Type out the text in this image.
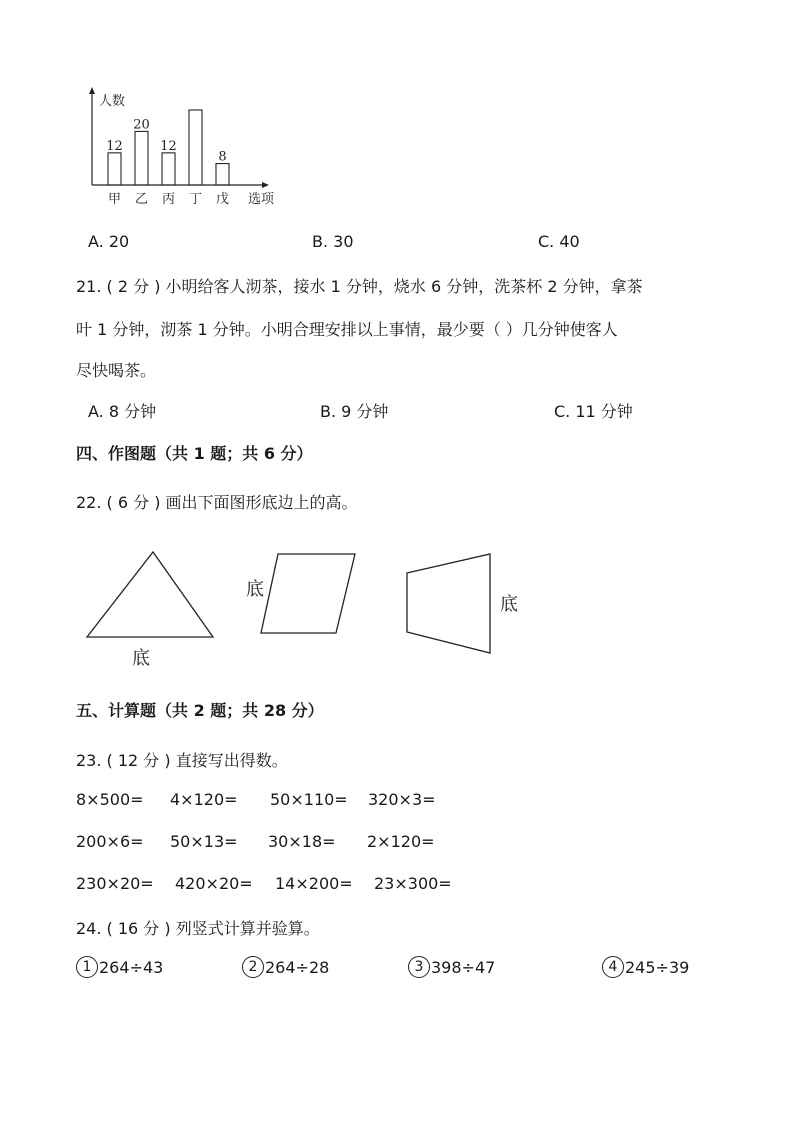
人数
选项
12
甲
20
乙
12
丙 丁
8
戊
A. 20	B. 30	C. 40
21. ( 2 分 ) 小明给客人沏茶，接水 1 分钟，烧水 6 分钟，洗茶杯 2 分钟，拿茶
叶 1 分钟，沏茶 1 分钟。小明合理安排以上事情，最少要（ ）几分钟使客人
尽快喝茶。
A. 8 分钟	B. 9 分钟	C. 11 分钟
四、作图题（共 1 题；共 6 分）
22. ( 6 分 ) 画出下面图形底边上的高。
底
底
底
五、计算题（共 2 题；共 28 分）
23. ( 12 分 ) 直接写出得数。
8×500= 4×120= 50×110= 320×3=
200×6= 50×13= 30×18= 2×120=
230×20= 420×20= 14×200= 23×300=
24. ( 16 分 ) 列竖式计算并验算。
1 264÷43	2 264÷28	3 398÷47	4 245÷39
